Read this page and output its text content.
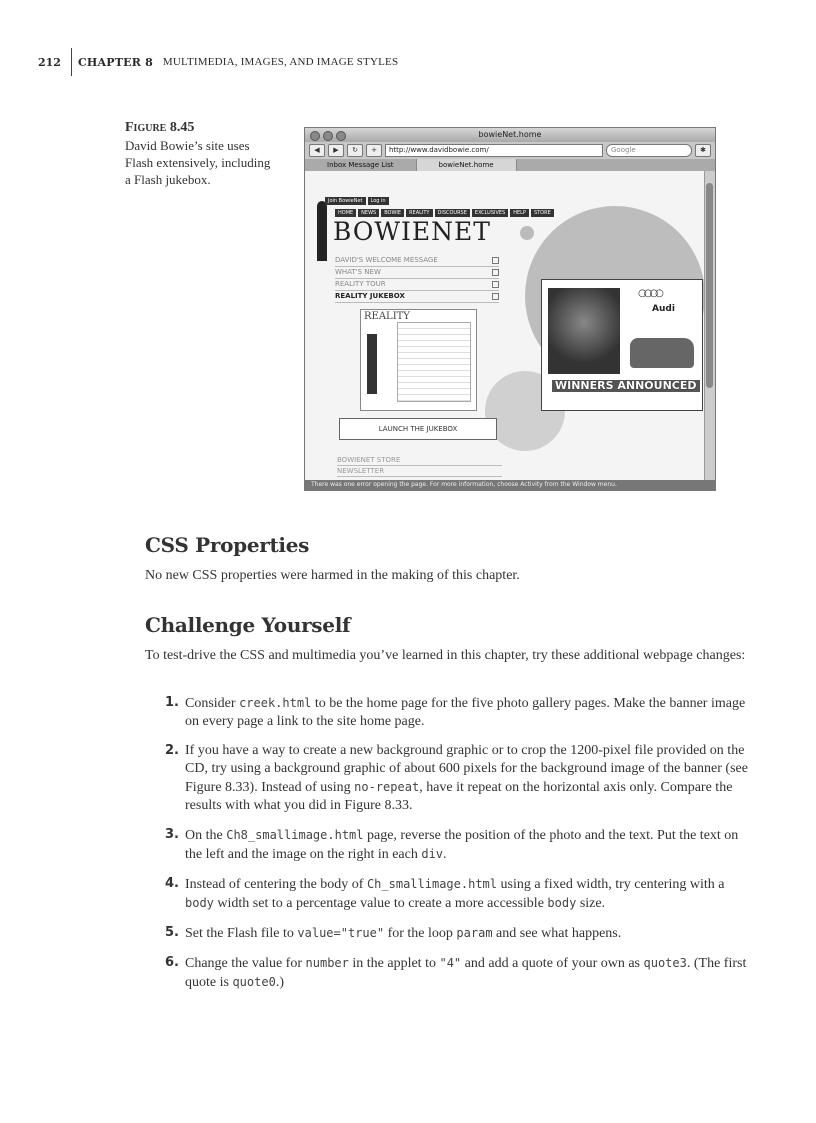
212 CHAPTER 8 MULTIMEDIA, IMAGES, AND IMAGE STYLES
Figure 8.45
David Bowie’s site uses Flash extensively, including a Flash jukebox.
bowieNet.home
◀	▶	↻	+	http://www.davidbowie.com/	Google	✱
Inbox Message List	bowieNet.home
Join BowieNet	Log in
HOME	NEWS	BOWIE	REALITY	DISCOURSE	EXCLUSIVES	HELP	STORE
BOWIENET
DAVID'S WELCOME MESSAGE
WHAT'S NEW
REALITY TOUR
REALITY JUKEBOX
REALITY
LAUNCH THE JUKEBOX
○○○○
Audi
WINNERS ANNOUNCED
BOWIENET STORE
NEWSLETTER
There was one error opening the page. For more information, choose Activity from the Window menu.
CSS Properties

No new CSS properties were harmed in the making of this chapter.

Challenge Yourself

To test-drive the CSS and multimedia you’ve learned in this chapter, try these additional webpage changes:

1. Consider creek.html to be the home page for the five photo gallery pages. Make the banner image on every page a link to the site home page.
2. If you have a way to create a new background graphic or to crop the 1200-pixel file provided on the CD, try using a background graphic of about 600 pixels for the background image of the banner (see Figure 8.33). Instead of using no-repeat, have it repeat on the horizontal axis only. Compare the results with what you did in Figure 8.33.
3. On the Ch8_smallimage.html page, reverse the position of the photo and the text. Put the text on the left and the image on the right in each div.
4. Instead of centering the body of Ch_smallimage.html using a fixed width, try centering with a body width set to a percentage value to create a more accessible body size.
5. Set the Flash file to value="true" for the loop param and see what happens.
6. Change the value for number in the applet to "4" and add a quote of your own as quote3. (The first quote is quote0.)
